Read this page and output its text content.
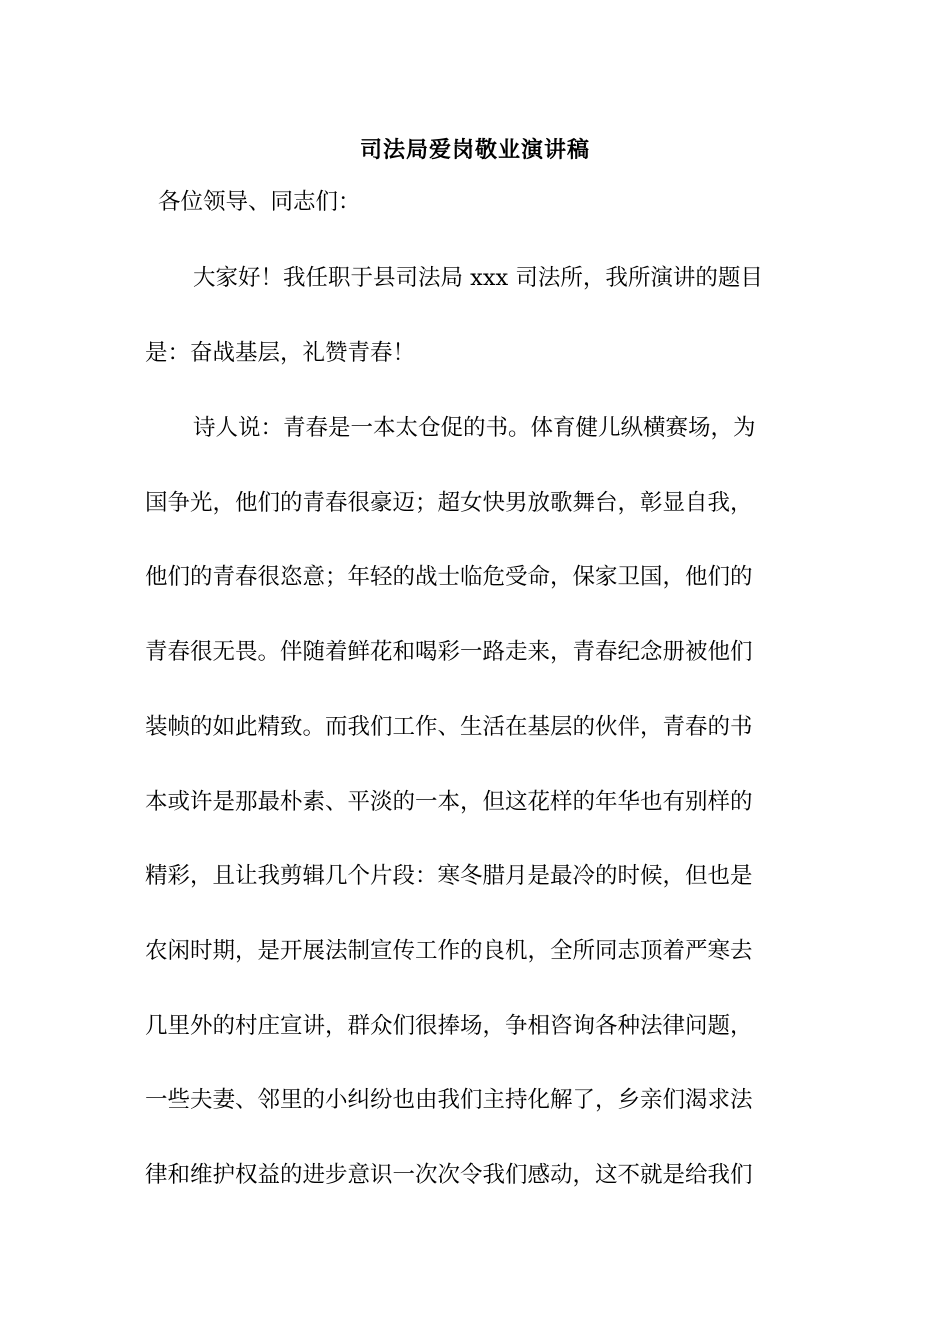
司法局爱岗敬业演讲稿
各位领导、同志们：
大家好！我任职于县司法局 xxx 司法所，我所演讲的题目
是：奋战基层，礼赞青春！
诗人说：青春是一本太仓促的书。体育健儿纵横赛场，为
国争光，他们的青春很豪迈；超女快男放歌舞台，彰显自我，
他们的青春很恣意；年轻的战士临危受命，保家卫国，他们的
青春很无畏。伴随着鲜花和喝彩一路走来，青春纪念册被他们
装帧的如此精致。而我们工作、生活在基层的伙伴，青春的书
本或许是那最朴素、平淡的一本，但这花样的年华也有别样的
精彩，且让我剪辑几个片段：寒冬腊月是最冷的时候，但也是
农闲时期，是开展法制宣传工作的良机，全所同志顶着严寒去
几里外的村庄宣讲，群众们很捧场，争相咨询各种法律问题，
一些夫妻、邻里的小纠纷也由我们主持化解了，乡亲们渴求法
律和维护权益的进步意识一次次令我们感动，这不就是给我们
